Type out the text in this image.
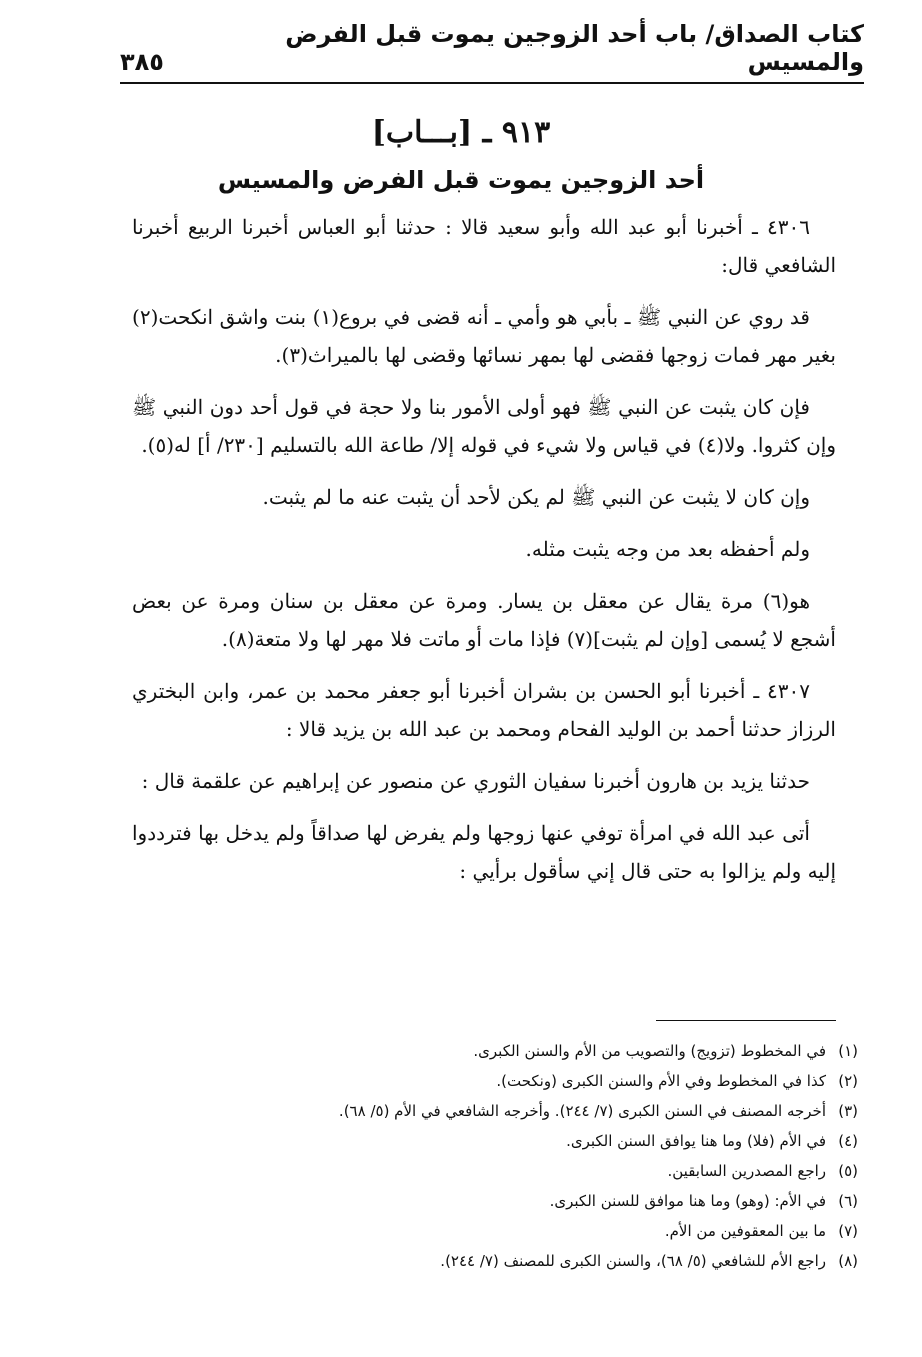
كتاب الصداق/ باب أحد الزوجين يموت قبل الفرض والمسيس
٣٨٥
٩١٣ ـ [بـــاب]
أحد الزوجين يموت قبل الفرض والمسيس

٤٣٠٦ ـ أخبرنا أبو عبد الله وأبو سعيد قالا : حدثنا أبو العباس أخبرنا الربيع أخبرنا الشافعي قال:

قد روي عن النبي ﷺ ـ بأبي هو وأمي ـ أنه قضى في بروع(١) بنت واشق انكحت(٢) بغير مهر فمات زوجها فقضى لها بمهر نسائها وقضى لها بالميراث(٣).

فإن كان يثبت عن النبي ﷺ فهو أولى الأمور بنا ولا حجة في قول أحد دون النبي ﷺ وإن كثروا. ولا(٤) في قياس ولا شيء في قوله إلا/ طاعة الله بالتسليم [٢٣٠/ أ] له(٥).

وإن كان لا يثبت عن النبي ﷺ لم يكن لأحد أن يثبت عنه ما لم يثبت.

ولم أحفظه بعد من وجه يثبت مثله.

هو(٦) مرة يقال عن معقل بن يسار. ومرة عن معقل بن سنان ومرة عن بعض أشجع لا يُسمى [وإن لم يثبت](٧) فإذا مات أو ماتت فلا مهر لها ولا متعة(٨).

٤٣٠٧ ـ أخبرنا أبو الحسن بن بشران أخبرنا أبو جعفر محمد بن عمر، وابن البختري الرزاز حدثنا أحمد بن الوليد الفحام ومحمد بن عبد الله بن يزيد قالا :

حدثنا يزيد بن هارون أخبرنا سفيان الثوري عن منصور عن إبراهيم عن علقمة قال :

أتى عبد الله في امرأة توفي عنها زوجها ولم يفرض لها صداقاً ولم يدخل بها فترددوا إليه ولم يزالوا به حتى قال إني سأقول برأيي :

(١)
في المخطوط (تزويج) والتصويب من الأم والسنن الكبرى.
(٢)
كذا في المخطوط وفي الأم والسنن الكبرى (ونكحت).
(٣)
أخرجه المصنف في السنن الكبرى (٧/ ٢٤٤). وأخرجه الشافعي في الأم (٥/ ٦٨).
(٤)
في الأم (فلا) وما هنا يوافق السنن الكبرى.
(٥)
راجع المصدرين السابقين.
(٦)
في الأم: (وهو) وما هنا موافق للسنن الكبرى.
(٧)
ما بين المعقوفين من الأم.
(٨)
راجع الأم للشافعي (٥/ ٦٨)، والسنن الكبرى للمصنف (٧/ ٢٤٤).
